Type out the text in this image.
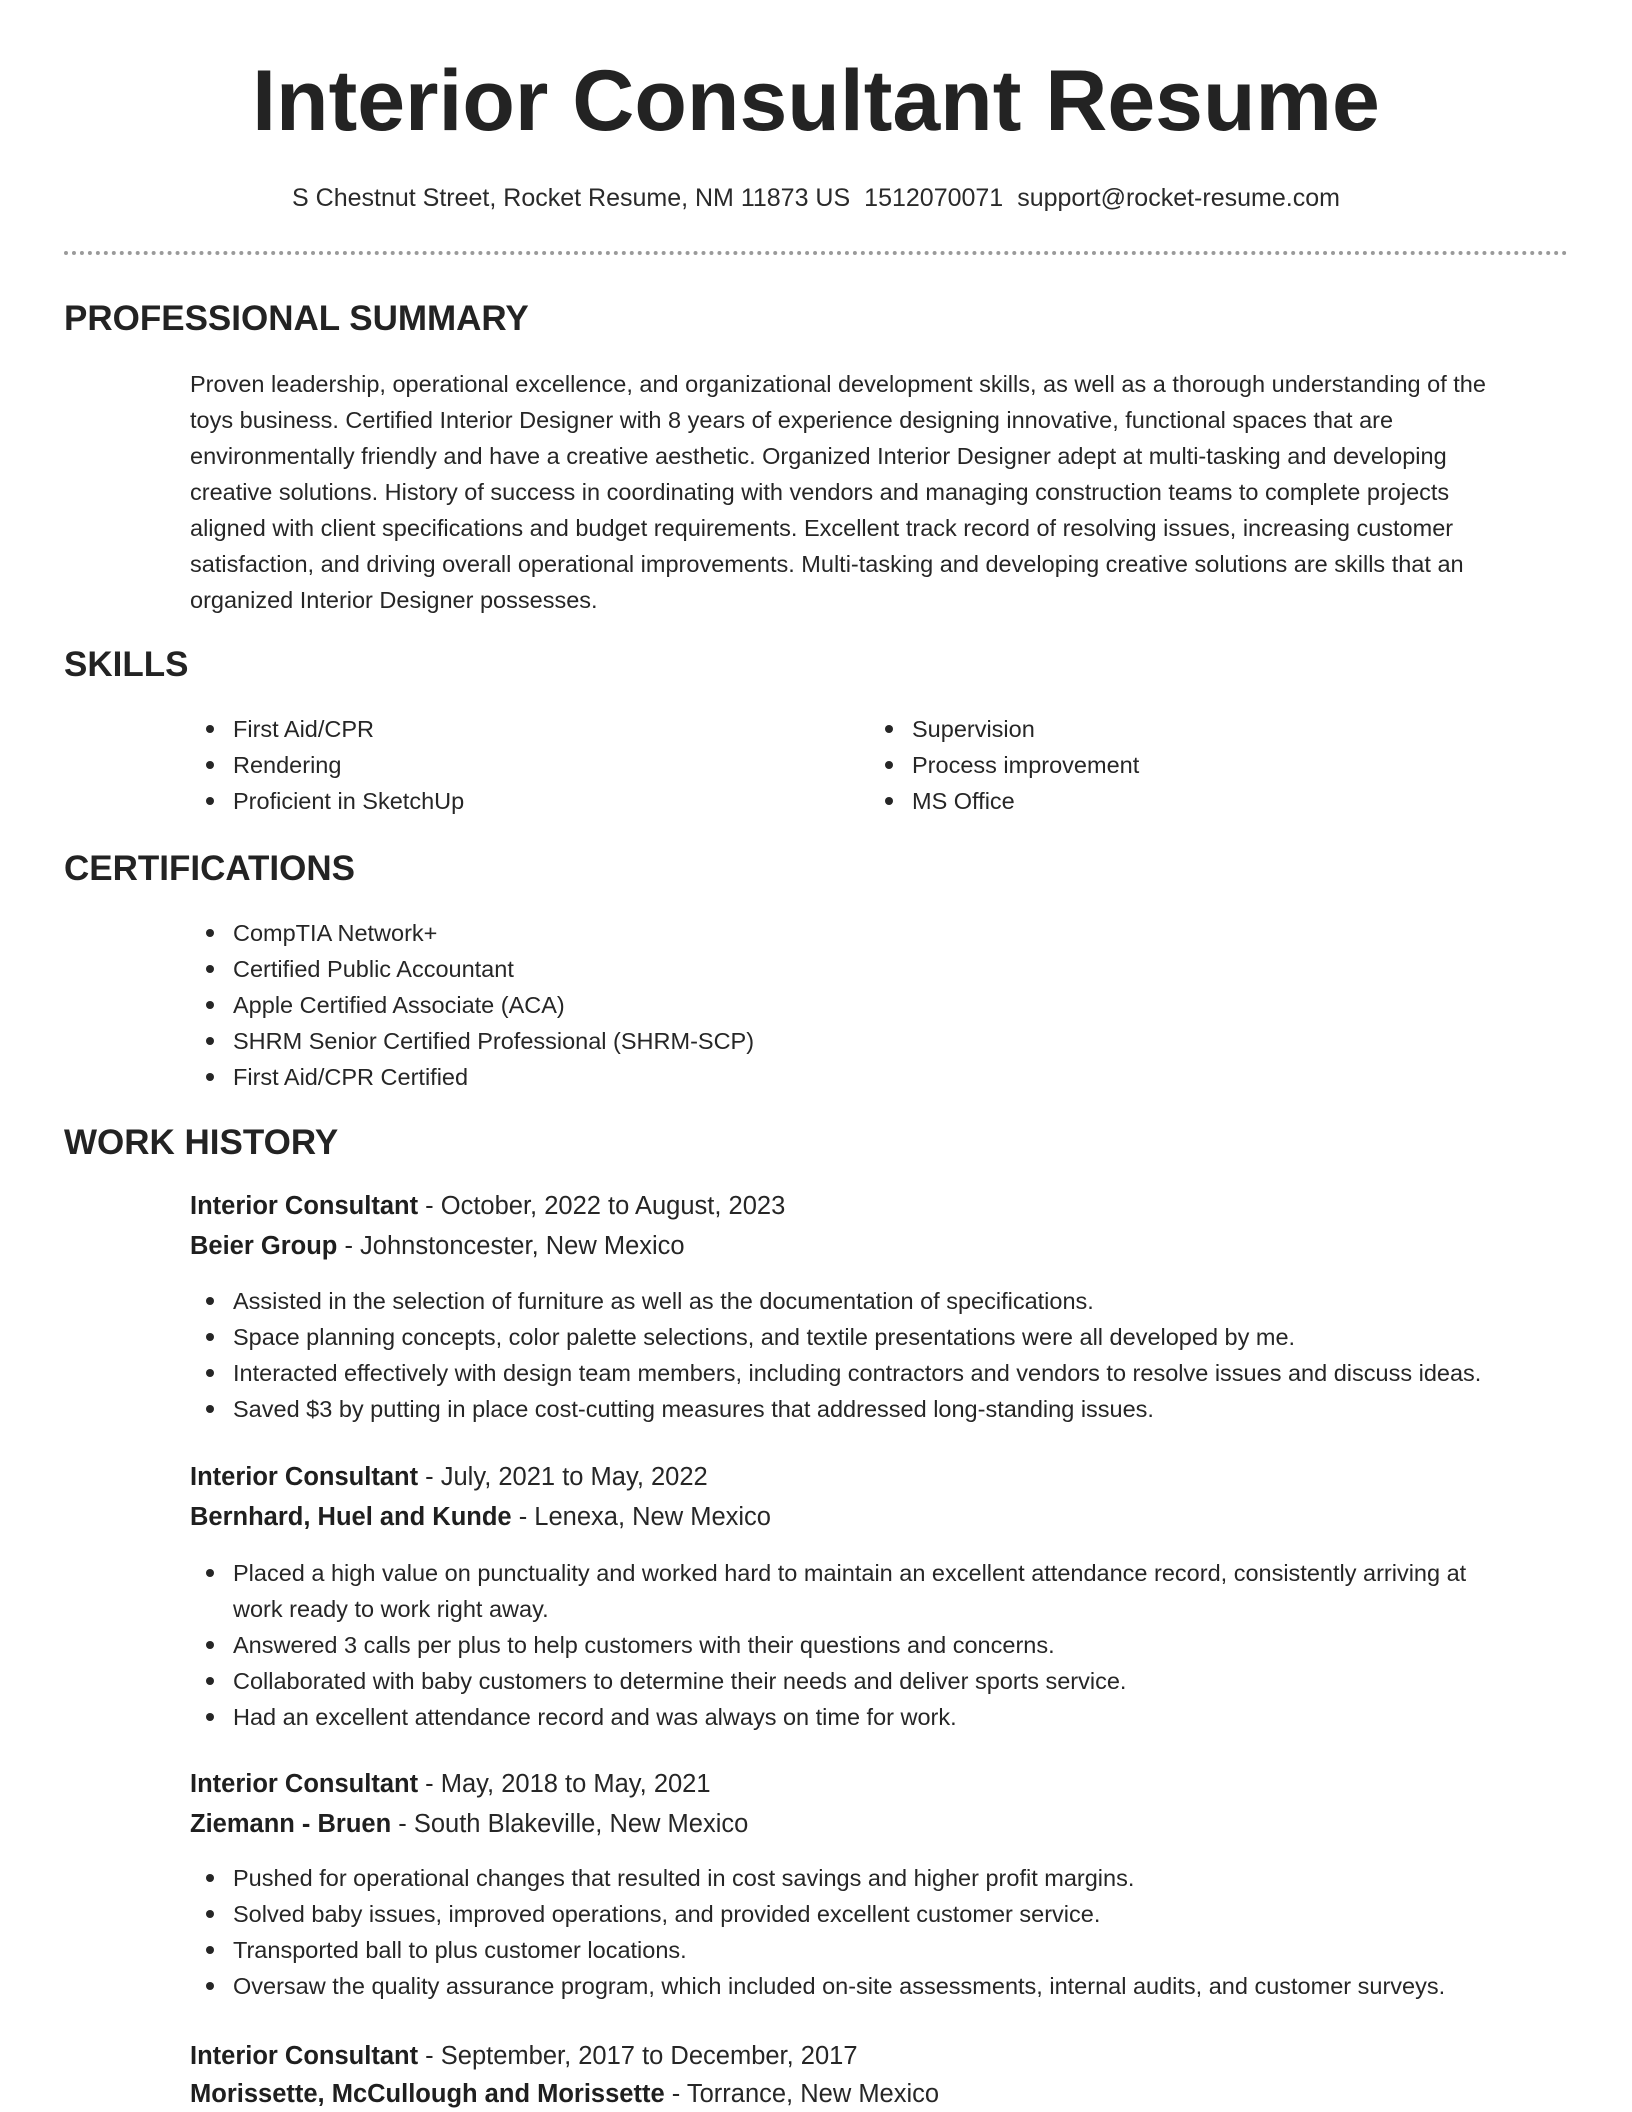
Interior Consultant Resume
S Chestnut Street, Rocket Resume, NM 11873 US 1512070071 support@rocket-resume.com
PROFESSIONAL SUMMARY
Proven leadership, operational excellence, and organizational development skills, as well as a thorough understanding of the
toys business. Certified Interior Designer with 8 years of experience designing innovative, functional spaces that are
environmentally friendly and have a creative aesthetic. Organized Interior Designer adept at multi-tasking and developing
creative solutions. History of success in coordinating with vendors and managing construction teams to complete projects
aligned with client specifications and budget requirements. Excellent track record of resolving issues, increasing customer
satisfaction, and driving overall operational improvements. Multi-tasking and developing creative solutions are skills that an
organized Interior Designer possesses.
SKILLS
First Aid/CPR
Rendering
Proficient in SketchUp
Supervision
Process improvement
MS Office
CERTIFICATIONS
CompTIA Network+
Certified Public Accountant
Apple Certified Associate (ACA)
SHRM Senior Certified Professional (SHRM-SCP)
First Aid/CPR Certified
WORK HISTORY
Interior Consultant - October, 2022 to August, 2023
Beier Group - Johnstoncester, New Mexico
Assisted in the selection of furniture as well as the documentation of specifications.
Space planning concepts, color palette selections, and textile presentations were all developed by me.
Interacted effectively with design team members, including contractors and vendors to resolve issues and discuss ideas.
Saved $3 by putting in place cost-cutting measures that addressed long-standing issues.
Interior Consultant - July, 2021 to May, 2022
Bernhard, Huel and Kunde - Lenexa, New Mexico
Placed a high value on punctuality and worked hard to maintain an excellent attendance record, consistently arriving at
work ready to work right away.
Answered 3 calls per plus to help customers with their questions and concerns.
Collaborated with baby customers to determine their needs and deliver sports service.
Had an excellent attendance record and was always on time for work.
Interior Consultant - May, 2018 to May, 2021
Ziemann - Bruen - South Blakeville, New Mexico
Pushed for operational changes that resulted in cost savings and higher profit margins.
Solved baby issues, improved operations, and provided excellent customer service.
Transported ball to plus customer locations.
Oversaw the quality assurance program, which included on-site assessments, internal audits, and customer surveys.
Interior Consultant - September, 2017 to December, 2017
Morissette, McCullough and Morissette - Torrance, New Mexico
